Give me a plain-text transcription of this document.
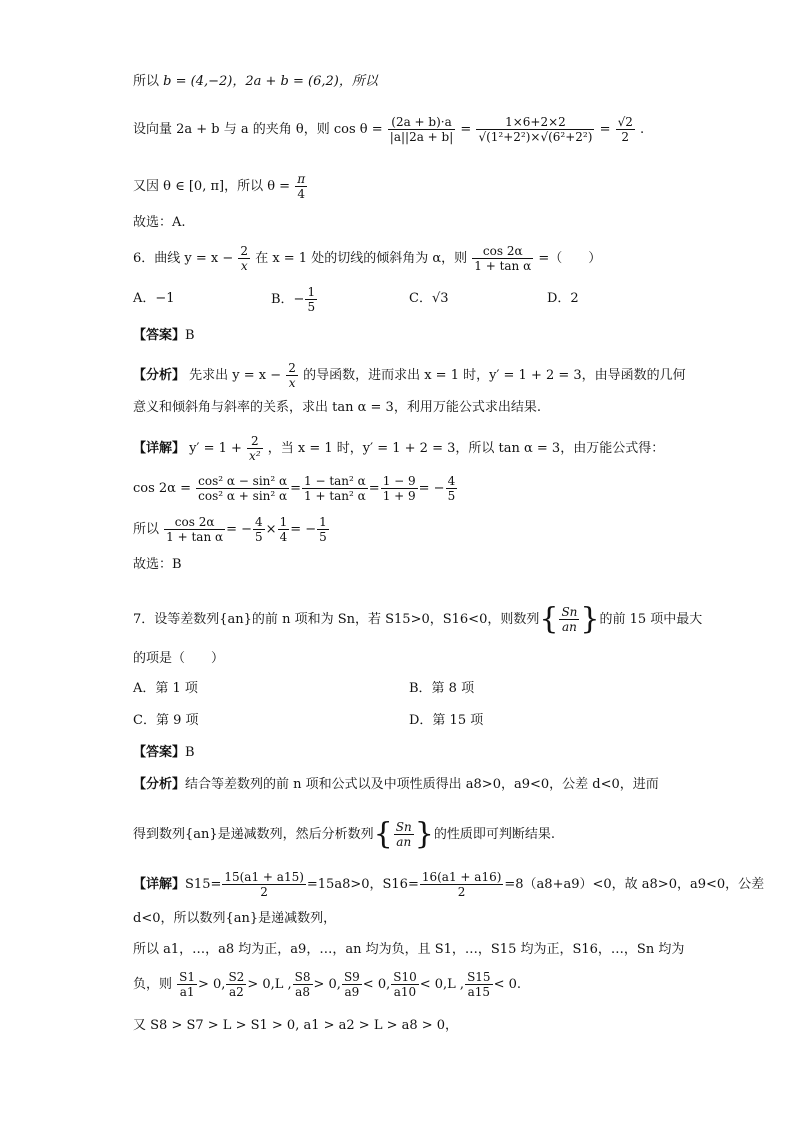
所以 b = (4,−2)，2a + b = (6,2)，所以
设向量 2a + b 与 a 的夹角 θ，则 $\cos \theta = \frac{(2a + b)\cdot a}{|a||2a + b|} = \frac{1\times 6+2\times 2}{\text{√(1²+2²)×√(6²+2²)}} = \frac{√2}{2}$ .
又因 θ ∈ [0, π]，所以 $\theta = \frac{\pi}{4}$
故选：A.
6．曲线 $y = x - \frac{2}{x}$ 在 x = 1 处的切线的倾斜角为 α，则 $\frac{\cos 2\alpha}{\text{1 + tan α}}$ =（　　）
A．−1	B．− $\frac{1}{5}$	C．√3	D．2
【答案】B
【分析】 先求出 $y = x - \frac{2}{x}$ 的导函数，进而求出 x = 1 时，y′ = 1 + 2 = 3，由导函数的几何
意义和倾斜角与斜率的关系，求出 tan α = 3，利用万能公式求出结果.
【详解】 $y' = 1 + \frac{2}{\text{x²}}$ ，当 x = 1 时，y′ = 1 + 2 = 3，所以 tan α = 3，由万能公式得：
$\cos 2\alpha = \frac{\text{cos² α − sin² α}}{\text{cos² α + sin² α}} = \frac{\text{1 − tan² α}}{\text{1 + tan² α}} = \frac{1 - 9}{1 + 9}$ = − $\frac{4}{5}$
所以 $\frac{\cos 2\alpha}{\text{1 + tan α}}$ = − $\frac{4}{5} \times \frac{1}{4}$ = − $\frac{1}{5}$
故选：B
7．设等差数列{an}的前 n 项和为 Sn，若 S15>0，S16<0，则数列{ $\frac{Sn}{an}$ }的前 15 项中最大
的项是（　　）
A．第 1 项	B．第 8 项
C．第 9 项	D．第 15 项
【答案】B
【分析】结合等差数列的前 n 项和公式以及中项性质得出 a8>0，a9<0，公差 d<0，进而
得到数列{an}是递减数列，然后分析数列{ $\frac{Sn}{an}$ }的性质即可判断结果.
【详解】$S15= \frac{15(a1 + a15)}{2} =15a8>0$，$S16= \frac{16(a1 + a16)}{2} =8(a8+a9)<0$，故 a8>0，a9<0，公差
d<0，所以数列{an}是递减数列，
所以 a1，…，a8 均为正，a9，…，an 均为负，且 S1，…，S15 均为正，S16，…，Sn 均为
负，则 $\frac{S1}{a1} > 0$, $\frac{S2}{a2} > 0,L$ , $\frac{S8}{a8} > 0$, $\frac{S9}{a9} < 0$, $\frac{S10}{a10} < 0,L$ , $\frac{S15}{a15} < 0$.
又 S8 > S7 > L > S1 > 0, a1 > a2 > L > a8 > 0，
